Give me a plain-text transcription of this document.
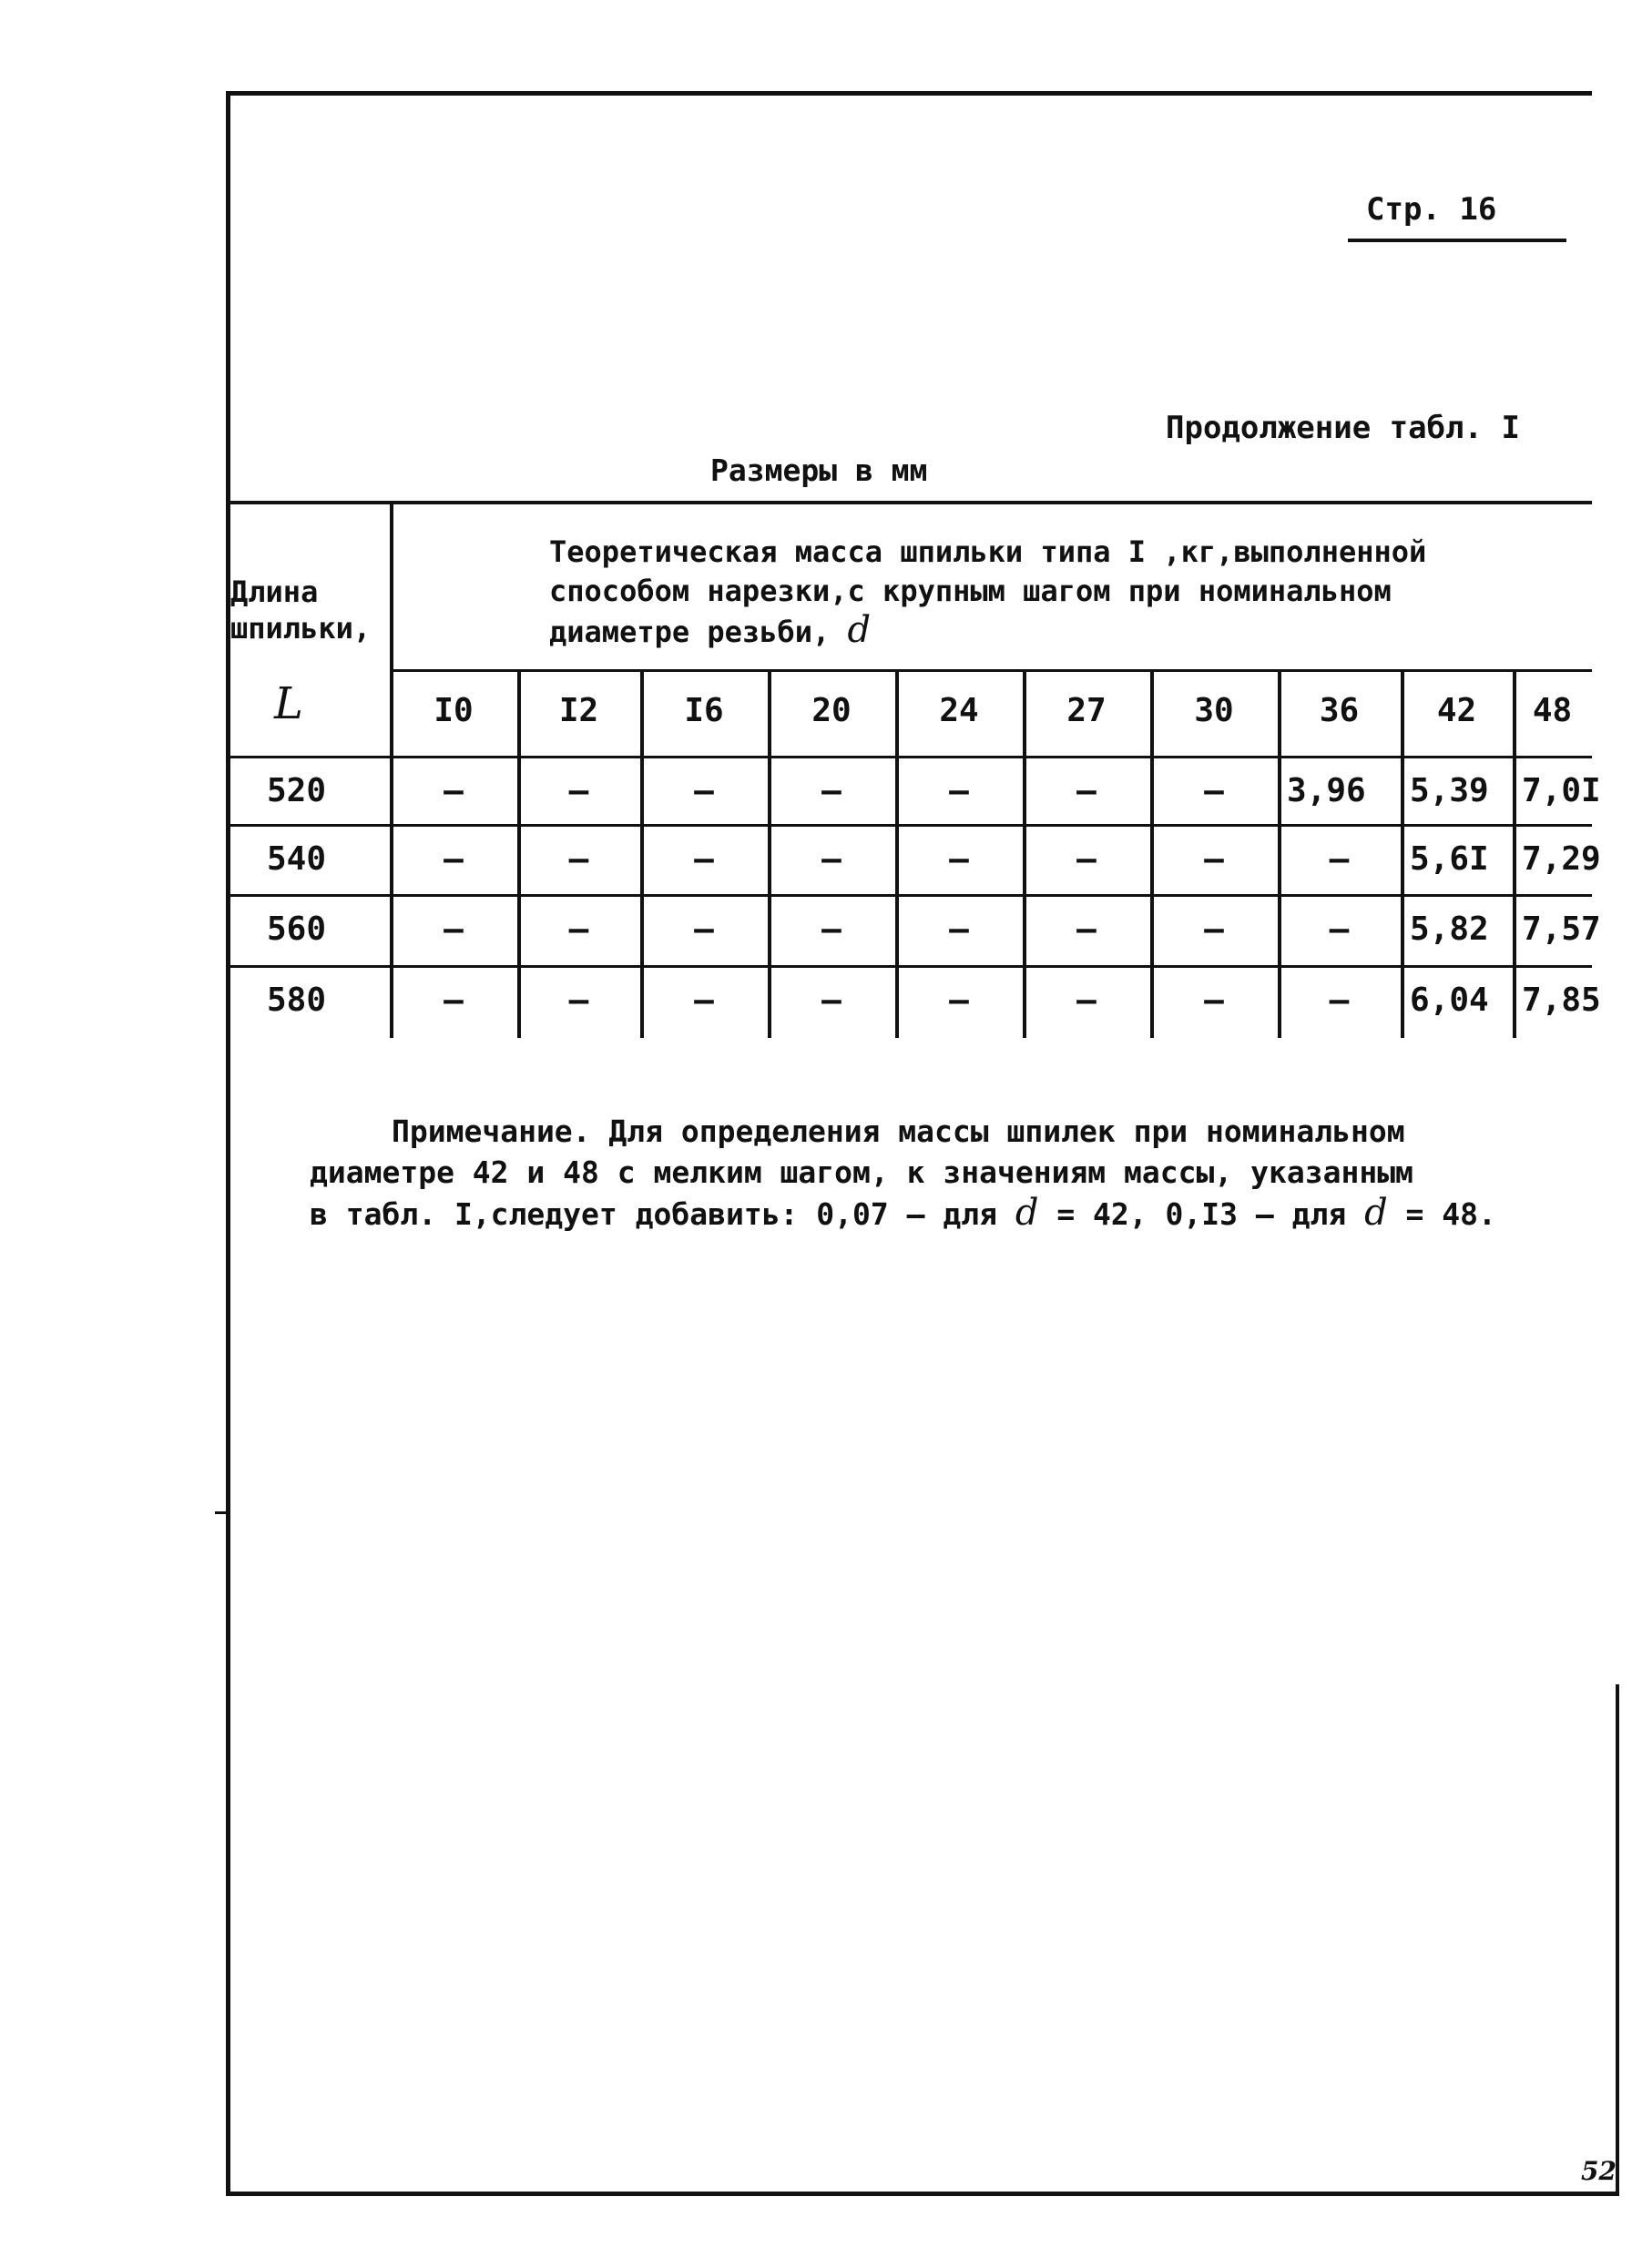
Стр. 16
Продолжение табл. I
Размеры в мм
Длина
шпильки,
L
Теоретическая масса шпильки типа I ,кг,выполненной
способом нарезки,с крупным шагом при номинальном
диаметре резьби, d
I0	I2	I6	20	24	27	30	36	42	48
520	–	–	–	–	–	–	–	3,96	5,39	7,0I
540	–	–	–	–	–	–	–	–	5,6I	7,29
560	–	–	–	–	–	–	–	–	5,82	7,57
580	–	–	–	–	–	–	–	–	6,04	7,85
Примечание. Для определения массы шпилек при номинальном
диаметре 42 и 48 с мелким шагом, к значениям массы, указанным
в табл. I,следует добавить: 0,07 – для d = 42, 0,I3 – для d = 48.
52
